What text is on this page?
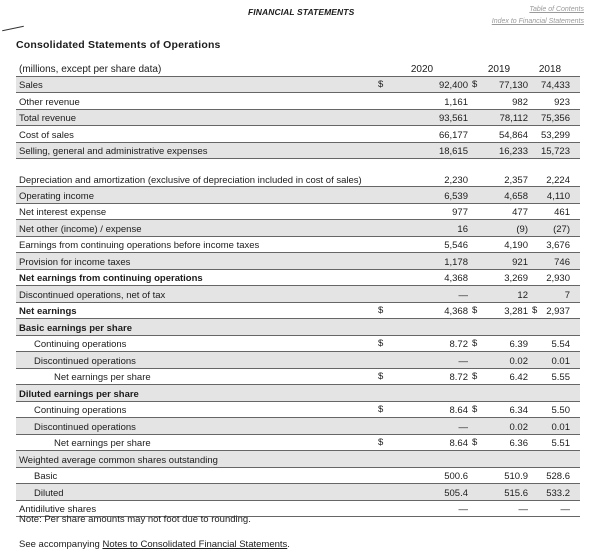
FINANCIAL STATEMENTS	Table of Contents
Index to Financial Statements
Consolidated Statements of Operations
(millions, except per share data)	2020	2019	2018
Sales	$ 92,400	$ 77,130	74,433
Other revenue	1,161	982	923
Total revenue	93,561	78,112	75,356
Cost of sales	66,177	54,864	53,299
Selling, general and administrative expenses	18,615	16,233	15,723
Depreciation and amortization (exclusive of depreciation included in cost of sales)	2,230	2,357	2,224
Operating income	6,539	4,658	4,110
Net interest expense	977	477	461
Net other (income) / expense	16	(9)	(27)
Earnings from continuing operations before income taxes	5,546	4,190	3,676
Provision for income taxes	1,178	921	746
Net earnings from continuing operations	4,368	3,269	2,930
Discontinued operations, net of tax	—	12	7
Net earnings	$ 4,368	$ 3,281	$ 2,937
Basic earnings per share			
Continuing operations	$ 8.72	$ 6.39	5.54
Discontinued operations	—	0.02	0.01
Net earnings per share	$ 8.72	$ 6.42	5.55
Diluted earnings per share			
Continuing operations	$ 8.64	$ 6.34	5.50
Discontinued operations	—	0.02	0.01
Net earnings per share	$ 8.64	$ 6.36	5.51
Weighted average common shares outstanding			
Basic	500.6	510.9	528.6
Diluted	505.4	515.6	533.2
Antidilutive shares	—	—	—
Note: Per share amounts may not foot due to rounding.
See accompanying Notes to Consolidated Financial Statements.
